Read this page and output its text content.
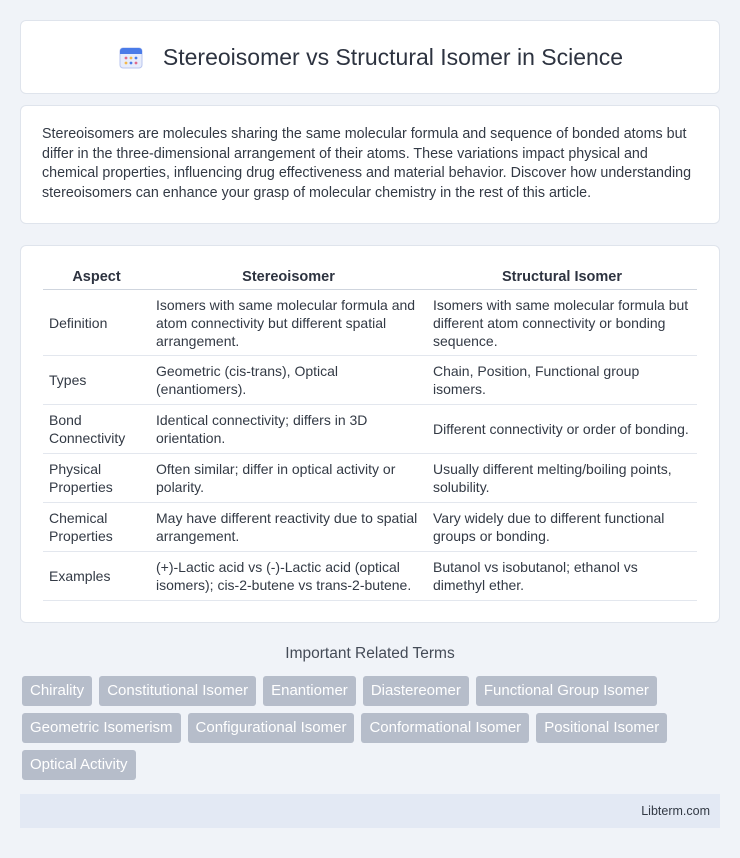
Stereoisomer vs Structural Isomer in Science

Stereoisomers are molecules sharing the same molecular formula and sequence of bonded atoms but differ in the three-dimensional arrangement of their atoms. These variations impact physical and chemical properties, influencing drug effectiveness and material behavior. Discover how understanding stereoisomers can enhance your grasp of molecular chemistry in the rest of this article.

Aspect	Stereoisomer	Structural Isomer
Definition	Isomers with same molecular formula and atom connectivity but different spatial arrangement.	Isomers with same molecular formula but different atom connectivity or bonding sequence.
Types	Geometric (cis-trans), Optical (enantiomers).	Chain, Position, Functional group isomers.
Bond Connectivity	Identical connectivity; differs in 3D orientation.	Different connectivity or order of bonding.
Physical Properties	Often similar; differ in optical activity or polarity.	Usually different melting/boiling points, solubility.
Chemical Properties	May have different reactivity due to spatial arrangement.	Vary widely due to different functional groups or bonding.
Examples	(+)-Lactic acid vs (-)-Lactic acid (optical isomers); cis-2-butene vs trans-2-butene.	Butanol vs isobutanol; ethanol vs dimethyl ether.
Important Related Terms
Chirality	Constitutional Isomer	Enantiomer	Diastereomer	Functional Group Isomer
Geometric Isomerism	Configurational Isomer	Conformational Isomer	Positional Isomer
Optical Activity
Libterm.com
